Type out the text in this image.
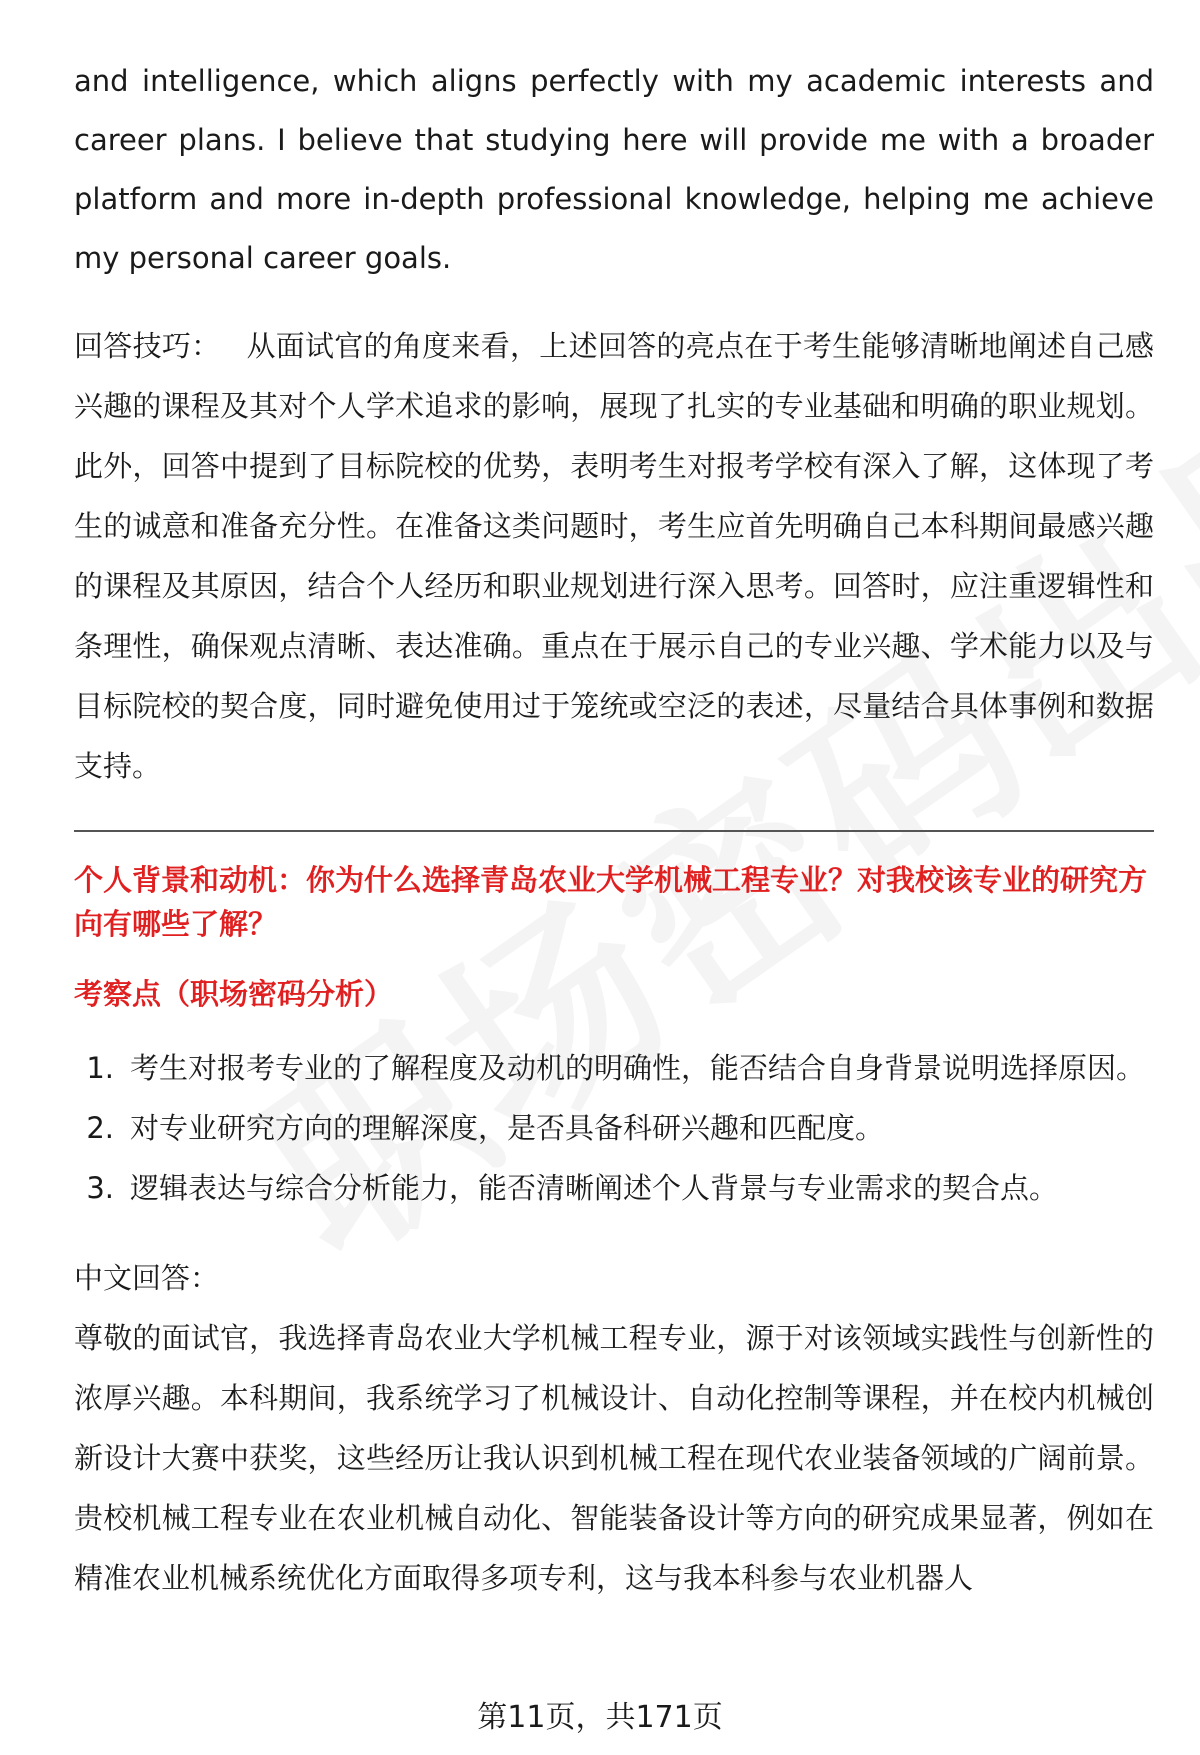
and intelligence, which aligns perfectly with my academic interests and career plans. I believe that studying here will provide me with a broader platform and more in-depth professional knowledge, helping me achieve my personal career goals.

回答技巧： 从面试官的角度来看，上述回答的亮点在于考生能够清晰地阐述自己感兴趣的课程及其对个人学术追求的影响，展现了扎实的专业基础和明确的职业规划。此外，回答中提到了目标院校的优势，表明考生对报考学校有深入了解，这体现了考生的诚意和准备充分性。在准备这类问题时，考生应首先明确自己本科期间最感兴趣的课程及其原因，结合个人经历和职业规划进行深入思考。回答时，应注重逻辑性和条理性，确保观点清晰、表达准确。重点在于展示自己的专业兴趣、学术能力以及与目标院校的契合度，同时避免使用过于笼统或空泛的表述，尽量结合具体事例和数据支持。

个人背景和动机：你为什么选择青岛农业大学机械工程专业？对我校该专业的研究方向有哪些了解？

考察点（职场密码分析）

1. 考生对报考专业的了解程度及动机的明确性，能否结合自身背景说明选择原因。
2. 对专业研究方向的理解深度，是否具备科研兴趣和匹配度。
3. 逻辑表达与综合分析能力，能否清晰阐述个人背景与专业需求的契合点。

中文回答：

尊敬的面试官，我选择青岛农业大学机械工程专业，源于对该领域实践性与创新性的浓厚兴趣。本科期间，我系统学习了机械设计、自动化控制等课程，并在校内机械创新设计大赛中获奖，这些经历让我认识到机械工程在现代农业装备领域的广阔前景。贵校机械工程专业在农业机械自动化、智能装备设计等方向的研究成果显著，例如在精准农业机械系统优化方面取得多项专利，这与我本科参与农业机器人

第11页，共171页
